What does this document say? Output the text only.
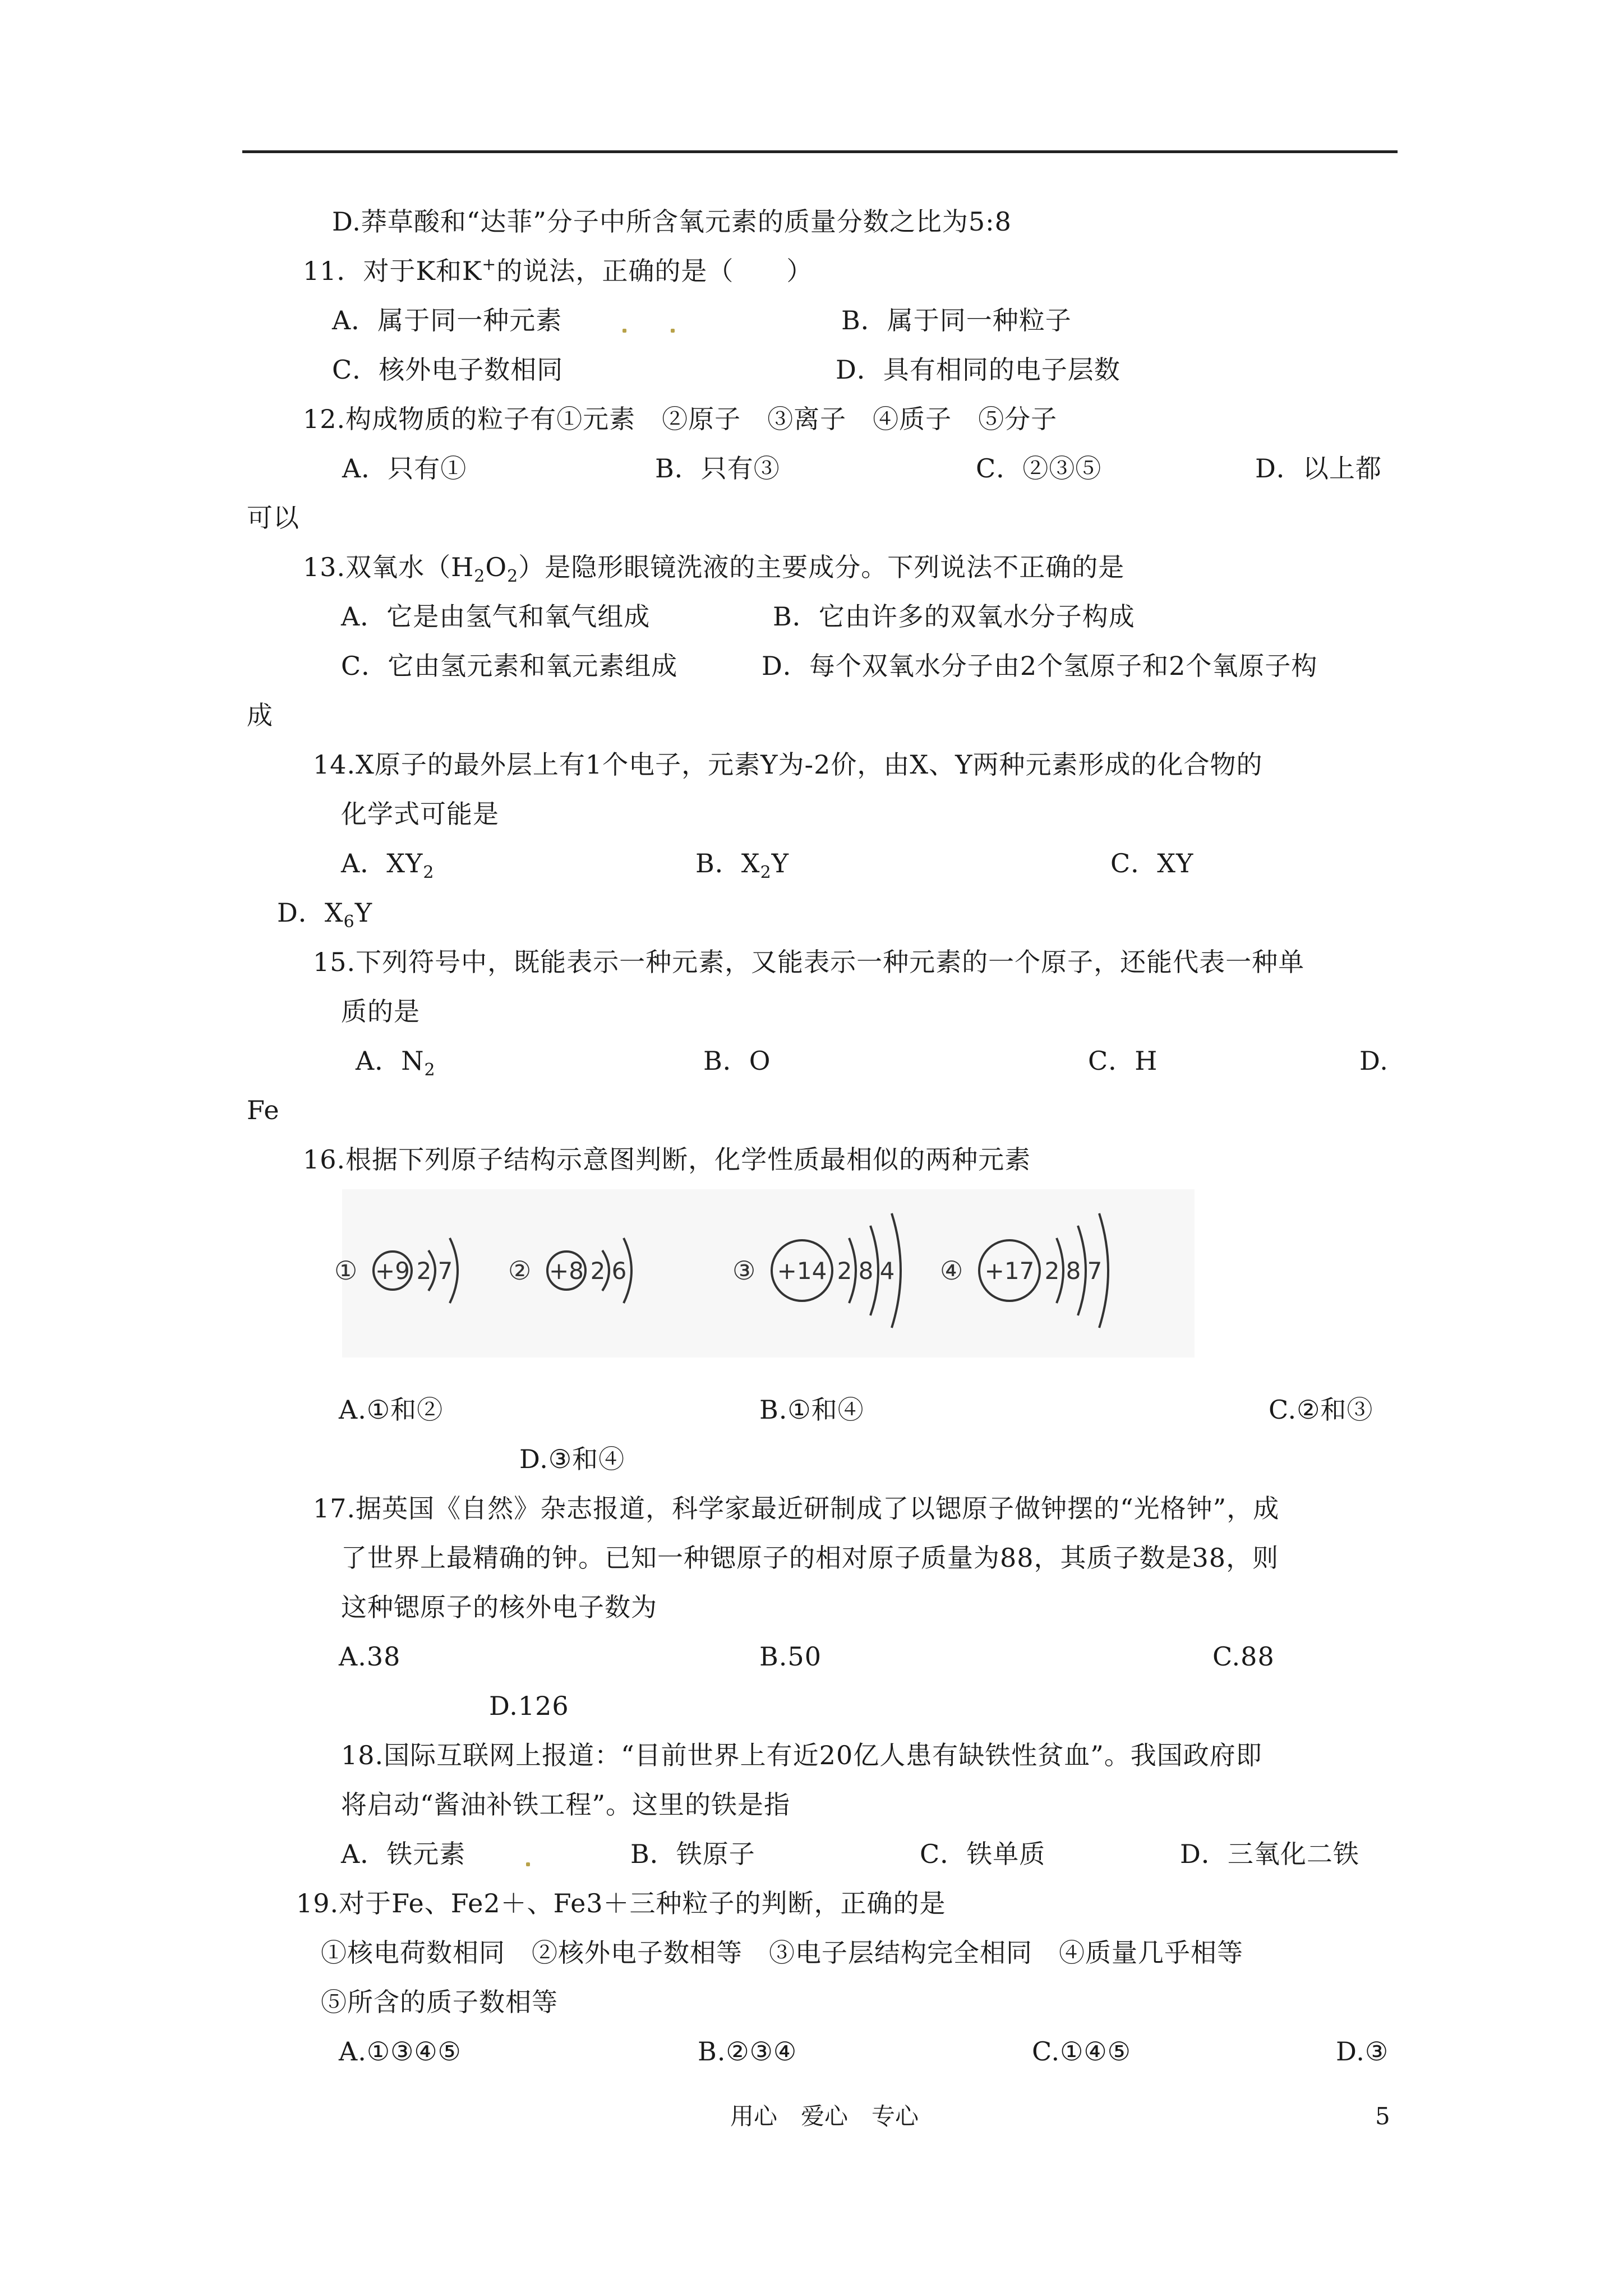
D.莽草酸和“达菲”分子中所含氧元素的质量分数之比为5:8
11．对于K和K+的说法，正确的是（　　）
A．属于同一种元素	B．属于同一种粒子
C．核外电子数相同	D．具有相同的电子层数
12.构成物质的粒子有①元素　②原子　③离子　④质子　⑤分子
A．只有①	B．只有③	C．②③⑤	D．以上都
可以
13.双氧水$(H_2O_2)$是隐形眼镜洗液的主要成分。下列说法不正确的是
A．它是由氢气和氧气组成	B．它由许多的双氧水分子构成
C．它由氢元素和氧元素组成	D．每个双氧水分子由2个氢原子和2个氧原子构
成
14.X原子的最外层上有1个电子，元素Y为-2价，由X、Y两种元素形成的化合物的
化学式可能是
A．$XY_2$	B．$X_2Y$	C．XY
D．$X_6Y$
15.下列符号中，既能表示一种元素，又能表示一种元素的一个原子，还能代表一种单
质的是
A．$N_2$	B．O	C．H	D.
Fe
16.根据下列原子结构示意图判断，化学性质最相似的两种元素
① +9 2 7 ② +8 2 6	③ +14 2 8 4 ④ +17 2 8 7
A.①和②	B.①和④	C.②和③
D.③和④
17.据英国《自然》杂志报道，科学家最近研制成了以锶原子做钟摆的“光格钟”，成
了世界上最精确的钟。已知一种锶原子的相对原子质量为88，其质子数是38，则
这种锶原子的核外电子数为
A.38	B.50	C.88
D.126
18.国际互联网上报道：“目前世界上有近20亿人患有缺铁性贫血”。我国政府即
将启动“酱油补铁工程”。这里的铁是指
A．铁元素	B．铁原子	C．铁单质	D．三氧化二铁
19.对于Fe、Fe2＋、Fe3＋三种粒子的判断，正确的是
①核电荷数相同　②核外电子数相等　③电子层结构完全相同　④质量几乎相等
⑤所含的质子数相等
A.①③④⑤	B.②③④	C.①④⑤	D.③
用心　爱心　专心	5
